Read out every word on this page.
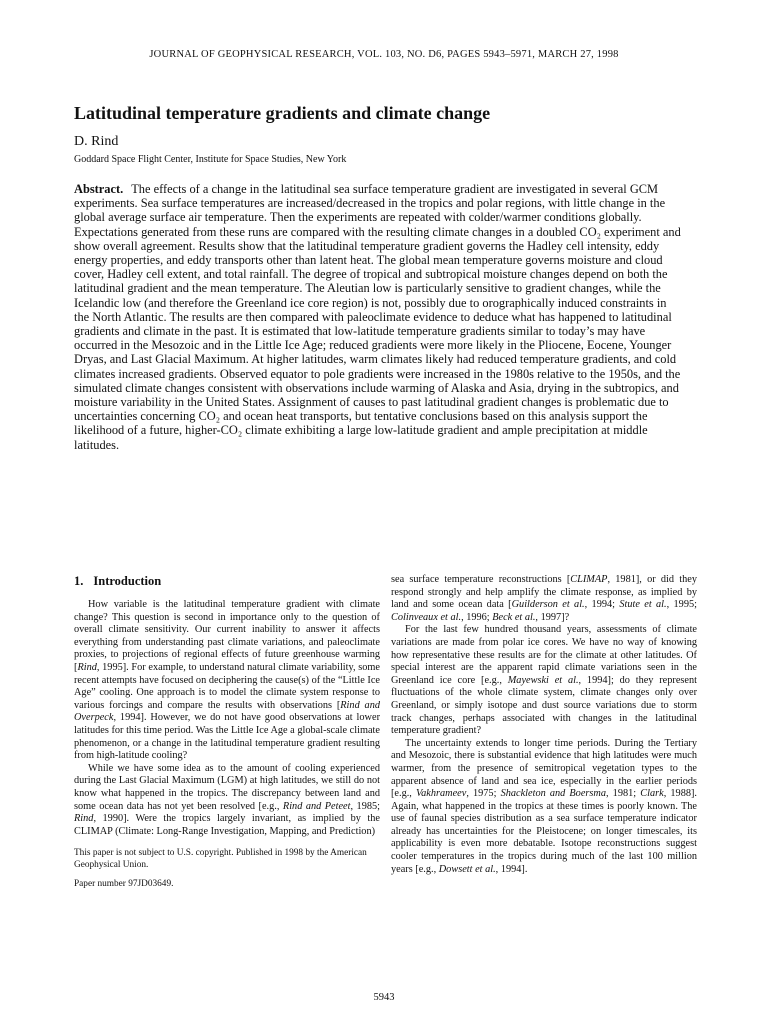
JOURNAL OF GEOPHYSICAL RESEARCH, VOL. 103, NO. D6, PAGES 5943–5971, MARCH 27, 1998
Latitudinal temperature gradients and climate change
D. Rind
Goddard Space Flight Center, Institute for Space Studies, New York
Abstract. The effects of a change in the latitudinal sea surface temperature gradient are investigated in several GCM experiments. Sea surface temperatures are increased/decreased in the tropics and polar regions, with little change in the global average surface air temperature. Then the experiments are repeated with colder/warmer conditions globally. Expectations generated from these runs are compared with the resulting climate changes in a doubled CO₂ experiment and show overall agreement. Results show that the latitudinal temperature gradient governs the Hadley cell intensity, eddy energy properties, and eddy transports other than latent heat. The global mean temperature governs moisture and cloud cover, Hadley cell extent, and total rainfall. The degree of tropical and subtropical moisture changes depend on both the latitudinal gradient and the mean temperature. The Aleutian low is particularly sensitive to gradient changes, while the Icelandic low (and therefore the Greenland ice core region) is not, possibly due to orographically induced constraints in the North Atlantic. The results are then compared with paleoclimate evidence to deduce what has happened to latitudinal gradients and climate in the past. It is estimated that low-latitude temperature gradients similar to today’s may have occurred in the Mesozoic and in the Little Ice Age; reduced gradients were more likely in the Pliocene, Eocene, Younger Dryas, and Last Glacial Maximum. At higher latitudes, warm climates likely had reduced temperature gradients, and cold climates increased gradients. Observed equator to pole gradients were increased in the 1980s relative to the 1950s, and the simulated climate changes consistent with observations include warming of Alaska and Asia, drying in the subtropics, and moisture variability in the United States. Assignment of causes to past latitudinal gradient changes is problematic due to uncertainties concerning CO₂ and ocean heat transports, but tentative conclusions based on this analysis support the likelihood of a future, higher-CO₂ climate exhibiting a large low-latitude gradient and ample precipitation at middle latitudes.
1. Introduction

How variable is the latitudinal temperature gradient with climate change? This question is second in importance only to the question of overall climate sensitivity. Our current inability to answer it affects everything from understanding past climate variations, and paleoclimate proxies, to projections of regional effects of future greenhouse warming [Rind, 1995]. For example, to understand natural climate variability, some recent attempts have focused on deciphering the cause(s) of the “Little Ice Age” cooling. One approach is to model the climate system response to various forcings and compare the results with observations [Rind and Overpeck, 1994]. However, we do not have good observations at lower latitudes for this time period. Was the Little Ice Age a global-scale climate phenomenon, or a change in the latitudinal temperature gradient resulting from high-latitude cooling?

While we have some idea as to the amount of cooling experienced during the Last Glacial Maximum (LGM) at high latitudes, we still do not know what happened in the tropics. The discrepancy between land and some ocean data has not yet been resolved [e.g., Rind and Peteet, 1985; Rind, 1990]. Were the tropics largely invariant, as implied by the CLIMAP (Climate: Long-Range Investigation, Mapping, and Prediction)

This paper is not subject to U.S. copyright. Published in 1998 by the American Geophysical Union.
Paper number 97JD03649.

sea surface temperature reconstructions [CLIMAP, 1981], or did they respond strongly and help amplify the climate response, as implied by land and some ocean data [Guilderson et al., 1994; Stute et al., 1995; Colinveaux et al., 1996; Beck et al., 1997]?

For the last few hundred thousand years, assessments of climate variations are made from polar ice cores. We have no way of knowing how representative these results are for the climate at other latitudes. Of special interest are the apparent rapid climate variations seen in the Greenland ice core [e.g., Mayewski et al., 1994]; do they represent fluctuations of the whole climate system, climate changes only over Greenland, or simply isotope and dust source variations due to storm track changes, perhaps associated with changes in the latitudinal temperature gradient?

The uncertainty extends to longer time periods. During the Tertiary and Mesozoic, there is substantial evidence that high latitudes were much warmer, from the presence of semitropical vegetation types to the apparent absence of land and sea ice, especially in the earlier periods [e.g., Vakhrameev, 1975; Shackleton and Boersma, 1981; Clark, 1988]. Again, what happened in the tropics at these times is poorly known. The use of faunal species distribution as a sea surface temperature indicator already has uncertainties for the Pleistocene; on longer timescales, its applicability is even more debatable. Isotope reconstructions suggest cooler temperatures in the tropics during much of the last 100 million years [e.g., Dowsett et al., 1994].

5943
